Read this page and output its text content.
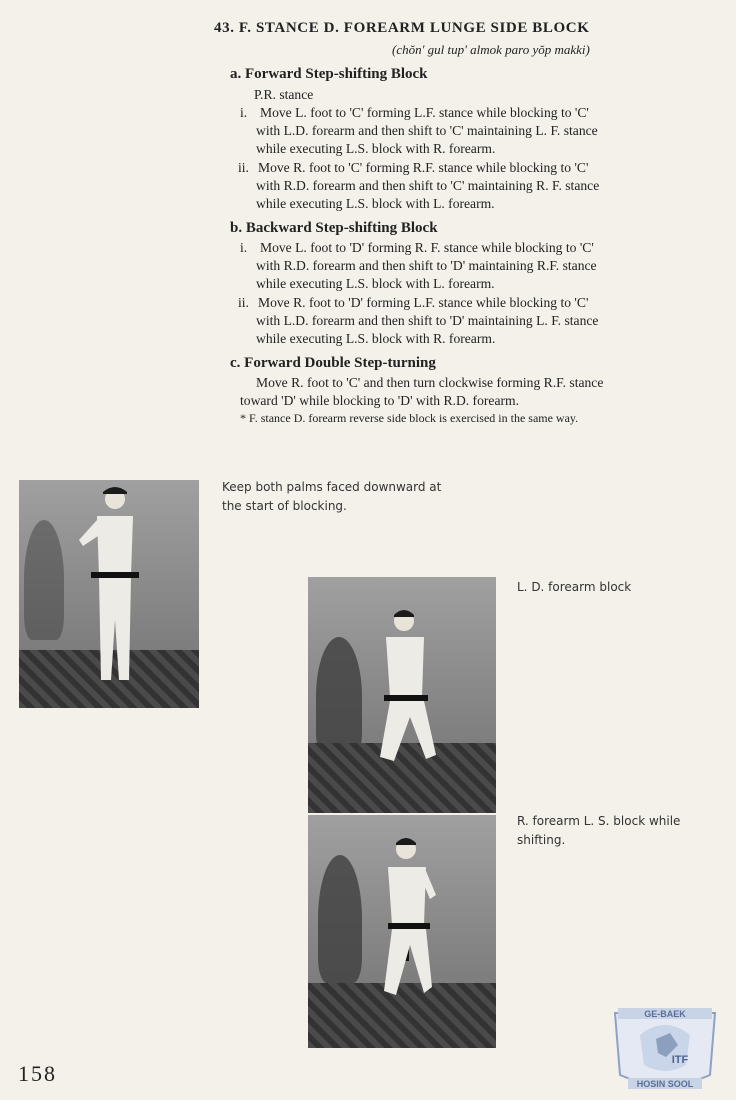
43. F. STANCE D. FOREARM LUNGE SIDE BLOCK
(chŏn' gul tup' almok paro yŏp makki)
a. Forward Step-shifting Block
P.R. stance
i. Move L. foot to 'C' forming L.F. stance while blocking to 'C'
with L.D. forearm and then shift to 'C' maintaining L. F. stance
while executing L.S. block with R. forearm.
ii. Move R. foot to 'C' forming R.F. stance while blocking to 'C'
with R.D. forearm and then shift to 'C' maintaining R. F. stance
while executing L.S. block with L. forearm.
b. Backward Step-shifting Block
i. Move L. foot to 'D' forming R. F. stance while blocking to 'C'
with R.D. forearm and then shift to 'D' maintaining R.F. stance
while executing L.S. block with L. forearm.
ii. Move R. foot to 'D' forming L.F. stance while blocking to 'C'
with L.D. forearm and then shift to 'D' maintaining L. F. stance
while executing L.S. block with R. forearm.
c. Forward Double Step-turning
Move R. foot to 'C' and then turn clockwise forming R.F. stance
toward 'D' while blocking to 'D' with R.D. forearm.
* F. stance D. forearm reverse side block is exercised in the same way.
Keep both palms faced downward at the start of blocking.
L. D. forearm block
R. forearm L. S. block while shifting.
158
GE-BAEK
ITF
HOSIN SOOL
